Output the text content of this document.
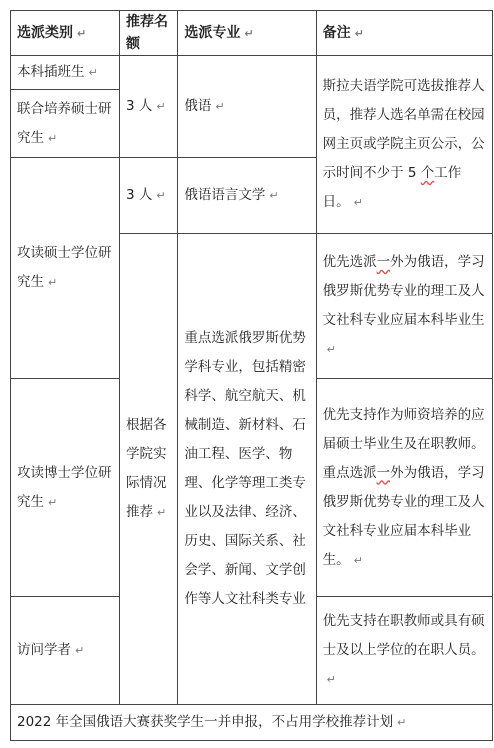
选派类别 ↵	推荐名额	选派专业 ↵	备注 ↵
本科插班生 ↵	3 人 ↵	俄语 ↵	斯拉夫语学院可选拔推荐人员，推荐人选名单需在校园网主页或学院主页公示，公示时间不少于 5 个工作日。 ↵
联合培养硕士研究生 ↵			
攻读硕士学位研究生 ↵	3 人 ↵	俄语语言文学 ↵	
	根据各学院实际情况推荐 ↵	重点选派俄罗斯优势学科专业，包括精密科学、航空航天、机械制造、新材料、石油工程、医学、物理、化学等理工类专业以及法律、经济、历史、国际关系、社会学、新闻、文学创作等人文社科类专业	优先选派一外为俄语，学习俄罗斯优势专业的理工及人文社科专业应届本科毕业生↵
攻读博士学位研究生 ↵			优先支持作为师资培养的应届硕士毕业生及在职教师。重点选派一外为俄语，学习俄罗斯优势专业的理工及人文社科专业应届本科毕业生。 ↵
访问学者 ↵			优先支持在职教师或具有硕士及以上学位的在职人员。↵
2022 年全国俄语大赛获奖学生一并申报，不占用学校推荐计划 ↵			
